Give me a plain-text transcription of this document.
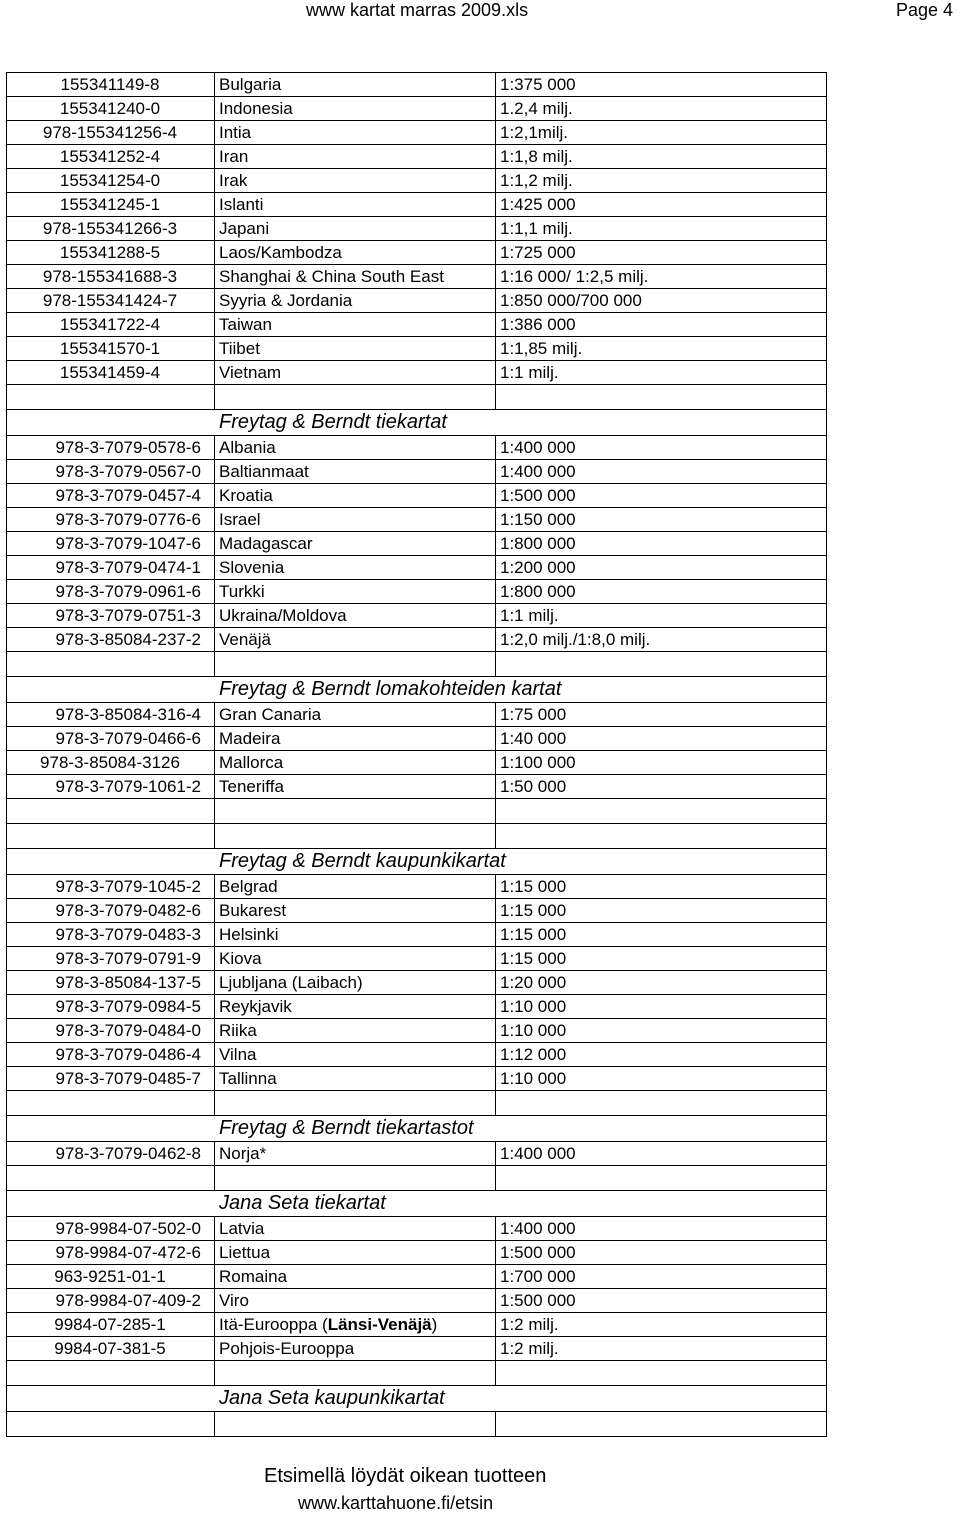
www kartat marras 2009.xls	Page 4
155341149-8	Bulgaria	1:375 000
155341240-0	Indonesia	1.2,4 milj.
978-155341256-4	Intia	1:2,1milj.
155341252-4	Iran	1:1,8 milj.
155341254-0	Irak	1:1,2 milj.
155341245-1	Islanti	1:425 000
978-155341266-3	Japani	1:1,1 milj.
155341288-5	Laos/Kambodza	1:725 000
978-155341688-3	Shanghai & China South East	1:16 000/ 1:2,5 milj.
978-155341424-7	Syyria & Jordania	1:850 000/700 000
155341722-4	Taiwan	1:386 000
155341570-1	Tiibet	1:1,85 milj.
155341459-4	Vietnam	1:1 milj.
Freytag & Berndt tiekartat
978-3-7079-0578-6	Albania	1:400 000
978-3-7079-0567-0	Baltianmaat	1:400 000
978-3-7079-0457-4	Kroatia	1:500 000
978-3-7079-0776-6	Israel	1:150 000
978-3-7079-1047-6	Madagascar	1:800 000
978-3-7079-0474-1	Slovenia	1:200 000
978-3-7079-0961-6	Turkki	1:800 000
978-3-7079-0751-3	Ukraina/Moldova	1:1 milj.
978-3-85084-237-2	Venäjä	1:2,0 milj./1:8,0 milj.
Freytag & Berndt lomakohteiden kartat
978-3-85084-316-4	Gran Canaria	1:75 000
978-3-7079-0466-6	Madeira	1:40 000
978-3-85084-3126	Mallorca	1:100 000
978-3-7079-1061-2	Teneriffa	1:50 000
Freytag & Berndt kaupunkikartat
978-3-7079-1045-2	Belgrad	1:15 000
978-3-7079-0482-6	Bukarest	1:15 000
978-3-7079-0483-3	Helsinki	1:15 000
978-3-7079-0791-9	Kiova	1:15 000
978-3-85084-137-5	Ljubljana (Laibach)	1:20 000
978-3-7079-0984-5	Reykjavik	1:10 000
978-3-7079-0484-0	Riika	1:10 000
978-3-7079-0486-4	Vilna	1:12 000
978-3-7079-0485-7	Tallinna	1:10 000
Freytag & Berndt tiekartastot
978-3-7079-0462-8	Norja*	1:400 000
Jana Seta tiekartat
978-9984-07-502-0	Latvia	1:400 000
978-9984-07-472-6	Liettua	1:500 000
963-9251-01-1	Romaina	1:700 000
978-9984-07-409-2	Viro	1:500 000
9984-07-285-1	Itä-Eurooppa (Länsi-Venäjä)	1:2 milj.
9984-07-381-5	Pohjois-Eurooppa	1:2 milj.
Jana Seta kaupunkikartat
Etsimellä löydät oikean tuotteen
www.karttahuone.fi/etsin
